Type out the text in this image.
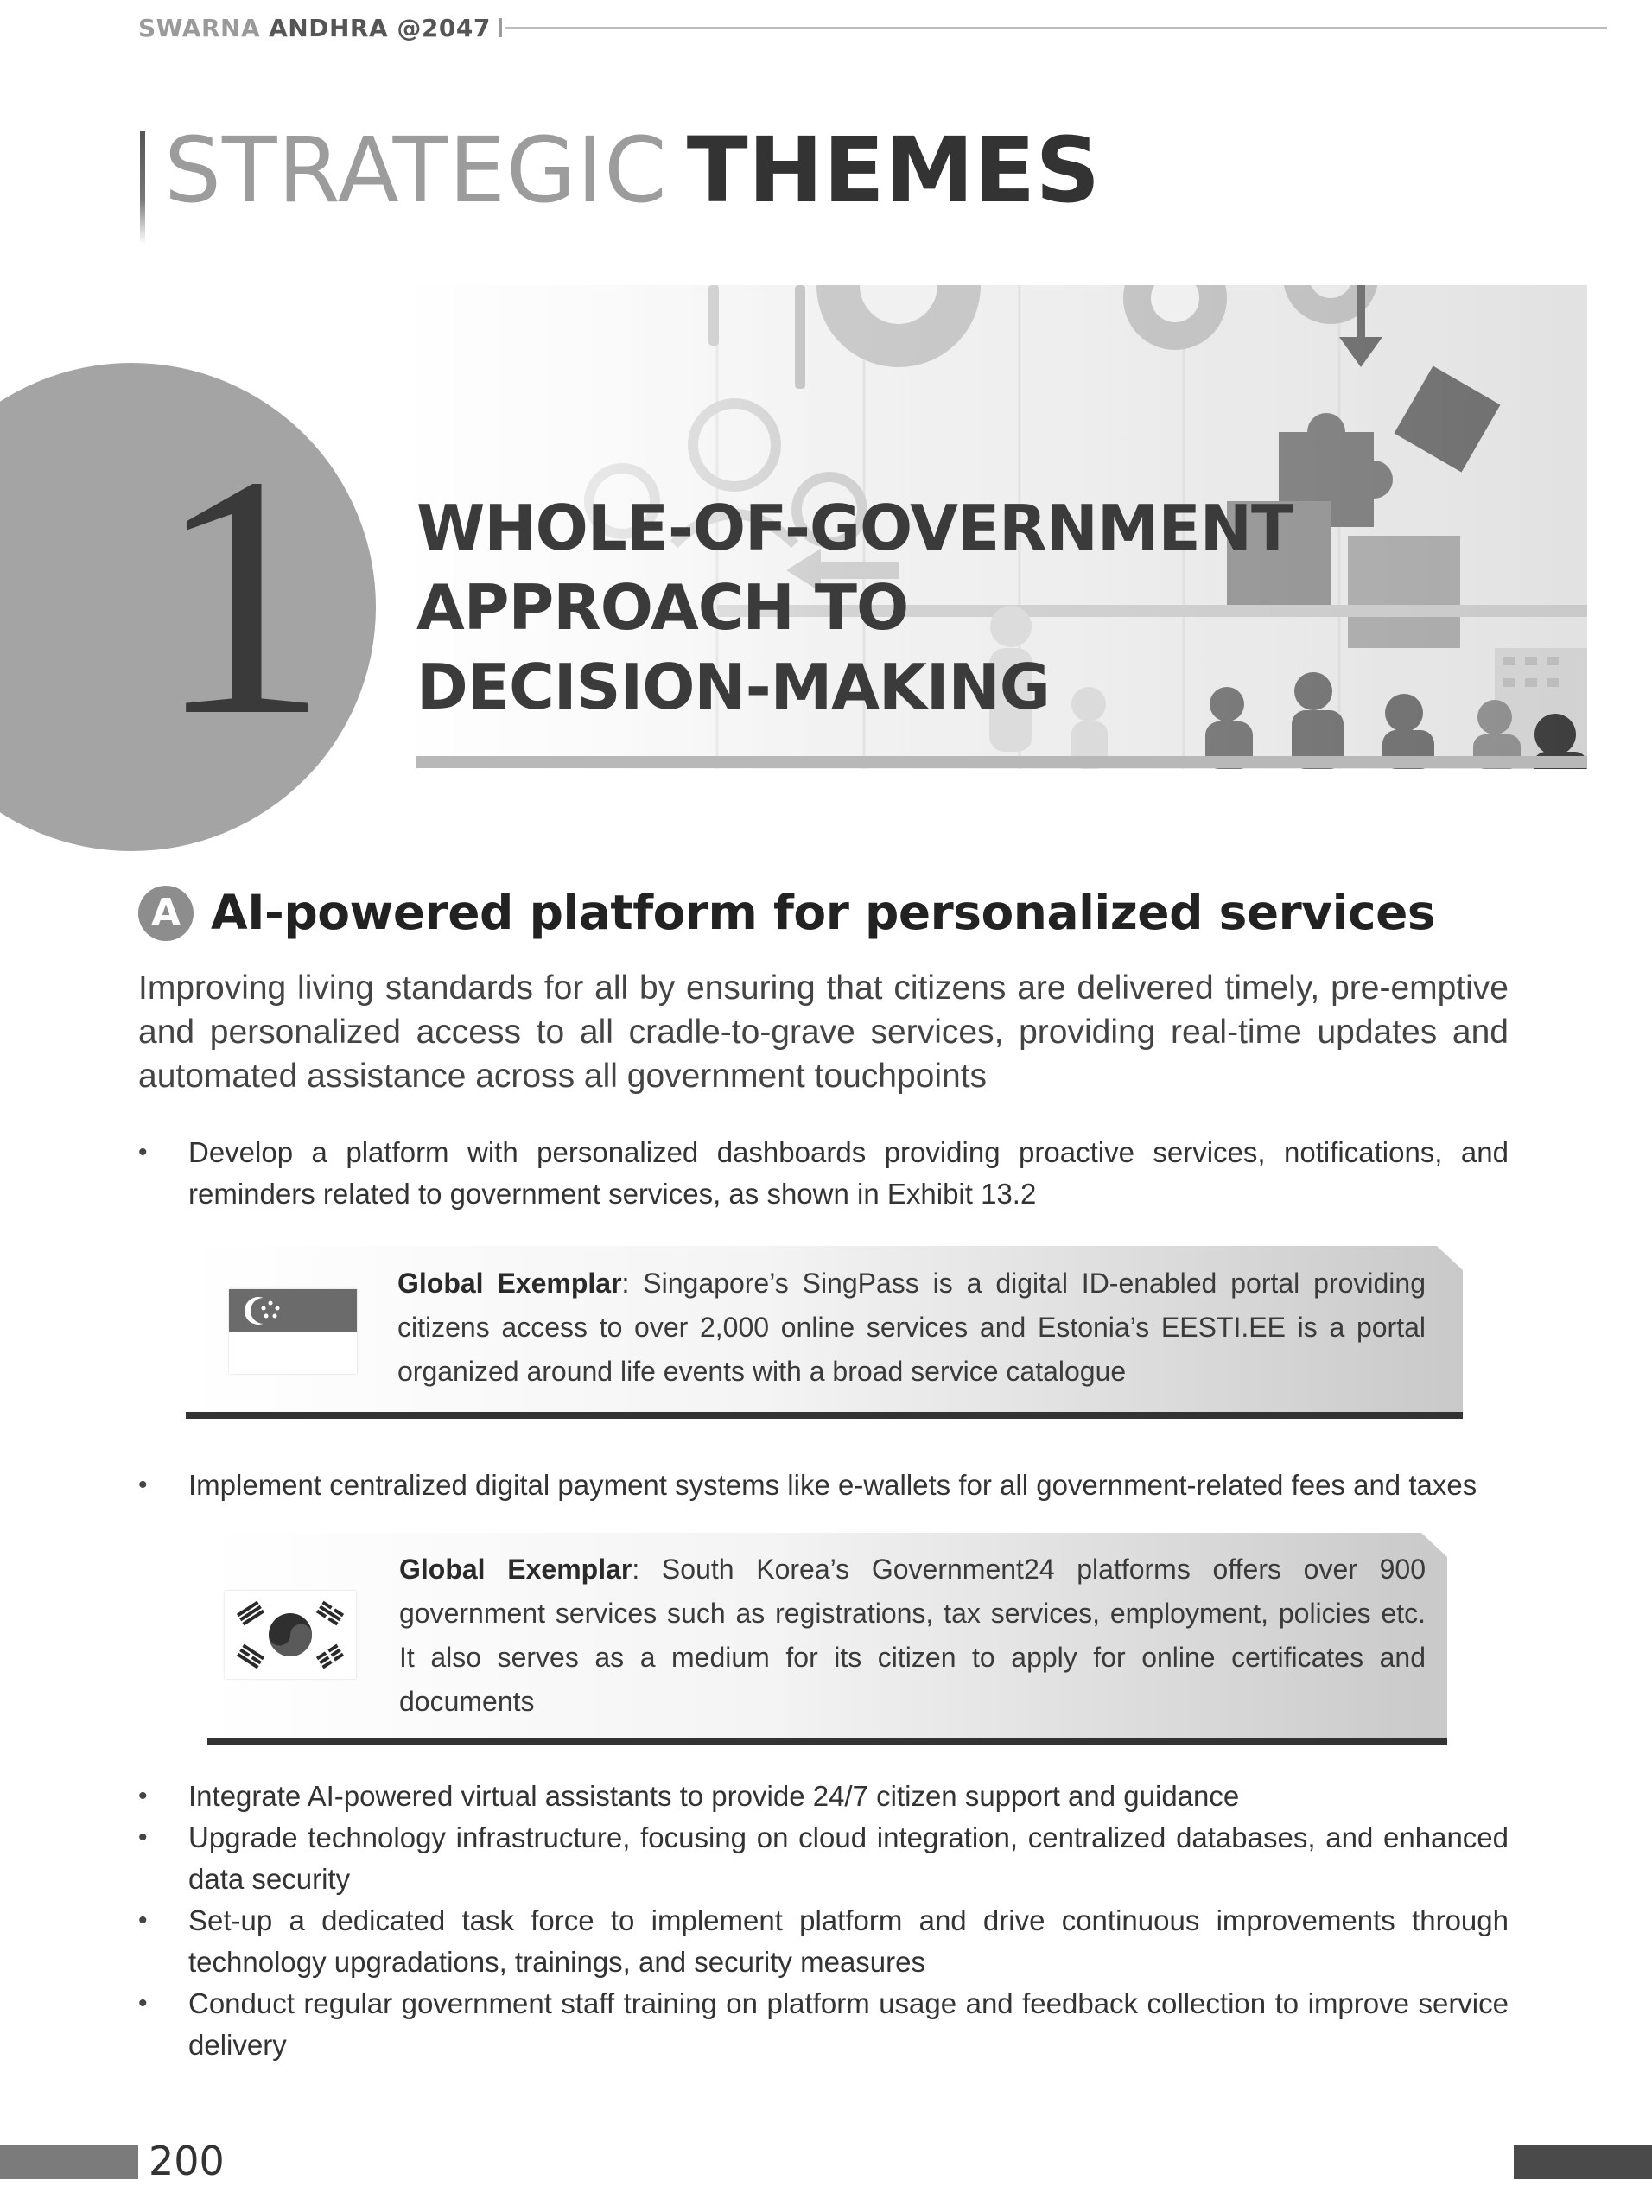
SWARNA ANDHRA @2047
STRATEGIC THEMES
1 WHOLE-OF-GOVERNMENT
APPROACH TO
DECISION-MAKING
A AI-powered platform for personalized services
Improving living standards for all by ensuring that citizens are delivered timely, pre-emptive and personalized access to all cradle-to-grave services, providing real-time updates and automated assistance across all government touchpoints
• Develop a platform with personalized dashboards providing proactive services, notifications, and reminders related to government services, as shown in Exhibit 13.2
Global Exemplar: Singapore’s SingPass is a digital ID-enabled portal providing citizens access to over 2,000 online services and Estonia’s EESTI.EE is a portal organized around life events with a broad service catalogue
• Implement centralized digital payment systems like e-wallets for all government-related fees and taxes
Global Exemplar: South Korea’s Government24 platforms offers over 900 government services such as registrations, tax services, employment, policies etc. It also serves as a medium for its citizen to apply for online certificates and documents
• Integrate AI-powered virtual assistants to provide 24/7 citizen support and guidance
• Upgrade technology infrastructure, focusing on cloud integration, centralized databases, and enhanced data security
• Set-up a dedicated task force to implement platform and drive continuous improvements through technology upgradations, trainings, and security measures
• Conduct regular government staff training on platform usage and feedback collection to improve service delivery
200
